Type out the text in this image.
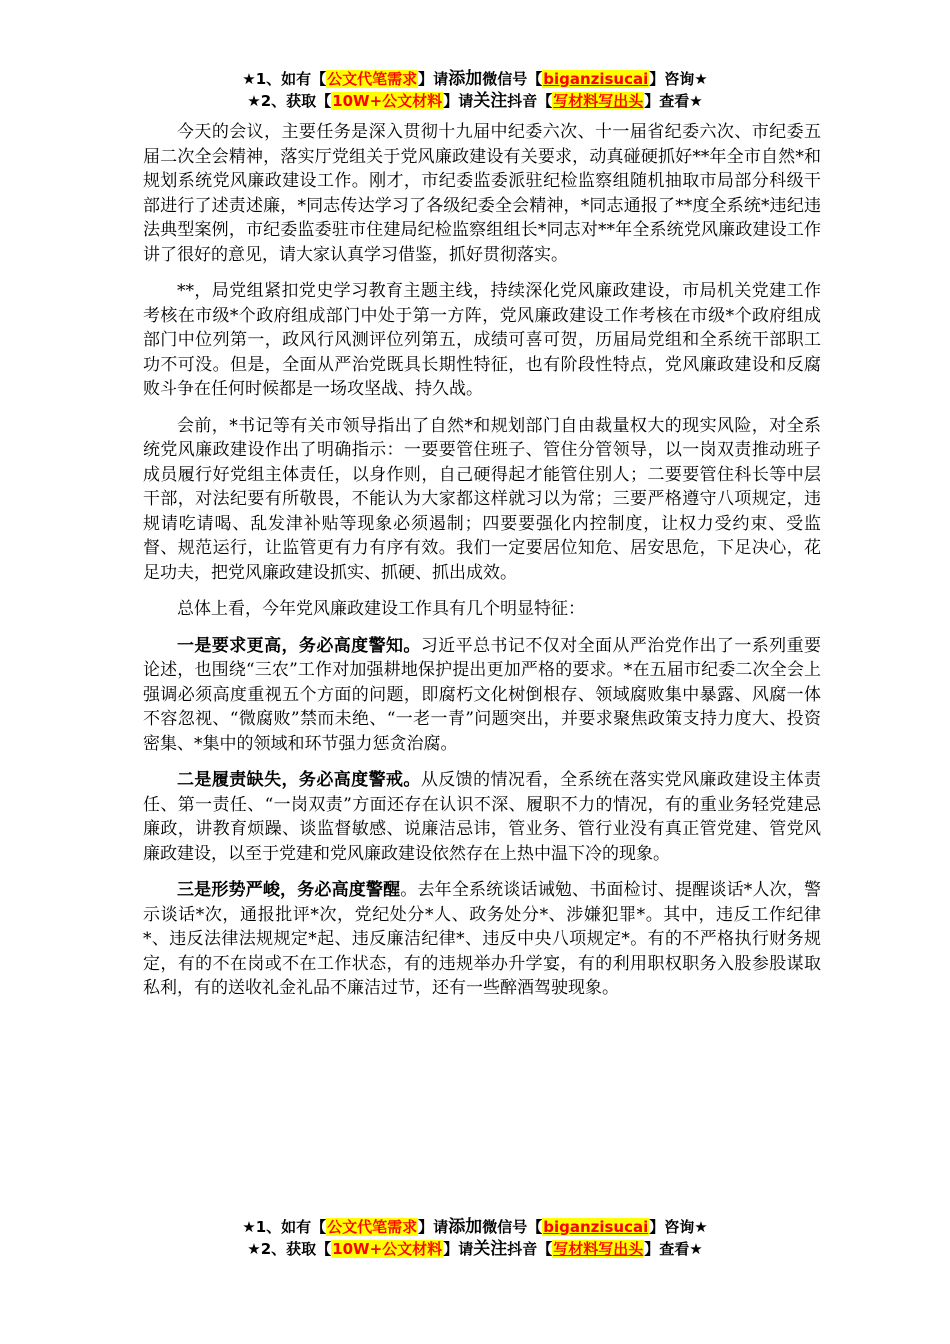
★1、如有【公文代笔需求】请添加微信号【biganzisucai】咨询★
★2、获取【10W+公文材料】请关注抖音【写材料写出头】查看★

今天的会议，主要任务是深入贯彻十九届中纪委六次、十一届省纪委六次、市纪委五届二次全会精神，落实厅党组关于党风廉政建设有关要求，动真碰硬抓好**年全市自然*和规划系统党风廉政建设工作。刚才，市纪委监委派驻纪检监察组随机抽取市局部分科级干部进行了述责述廉，*同志传达学习了各级纪委全会精神，*同志通报了**度全系统*违纪违法典型案例，市纪委监委驻市住建局纪检监察组组长*同志对**年全系统党风廉政建设工作讲了很好的意见，请大家认真学习借鉴，抓好贯彻落实。

**，局党组紧扣党史学习教育主题主线，持续深化党风廉政建设，市局机关党建工作考核在市级*个政府组成部门中处于第一方阵，党风廉政建设工作考核在市级*个政府组成部门中位列第一，政风行风测评位列第五，成绩可喜可贺，历届局党组和全系统干部职工功不可没。但是，全面从严治党既具长期性特征，也有阶段性特点，党风廉政建设和反腐败斗争在任何时候都是一场攻坚战、持久战。

会前，*书记等有关市领导指出了自然*和规划部门自由裁量权大的现实风险，对全系统党风廉政建设作出了明确指示：一要要管住班子、管住分管领导，以一岗双责推动班子成员履行好党组主体责任，以身作则，自己硬得起才能管住别人；二要要管住科长等中层干部，对法纪要有所敬畏，不能认为大家都这样就习以为常；三要严格遵守八项规定，违规请吃请喝、乱发津补贴等现象必须遏制；四要要强化内控制度，让权力受约束、受监督、规范运行，让监管更有力有序有效。我们一定要居位知危、居安思危，下足决心，花足功夫，把党风廉政建设抓实、抓硬、抓出成效。

总体上看，今年党风廉政建设工作具有几个明显特征：

一是要求更高，务必高度警知。习近平总书记不仅对全面从严治党作出了一系列重要论述，也围绕“三农”工作对加强耕地保护提出更加严格的要求。*在五届市纪委二次全会上强调必须高度重视五个方面的问题，即腐朽文化树倒根存、领域腐败集中暴露、风腐一体不容忽视、“微腐败”禁而未绝、“一老一青”问题突出，并要求聚焦政策支持力度大、投资密集、*集中的领域和环节强力惩贪治腐。

二是履责缺失，务必高度警戒。从反馈的情况看，全系统在落实党风廉政建设主体责任、第一责任、“一岗双责”方面还存在认识不深、履职不力的情况，有的重业务轻党建忌廉政，讲教育烦躁、谈监督敏感、说廉洁忌讳，管业务、管行业没有真正管党建、管党风廉政建设，以至于党建和党风廉政建设依然存在上热中温下冷的现象。

三是形势严峻，务必高度警醒。去年全系统谈话诫勉、书面检讨、提醒谈话*人次，警示谈话*次，通报批评*次，党纪处分*人、政务处分*、涉嫌犯罪*。其中，违反工作纪律*、违反法律法规规定*起、违反廉洁纪律*、违反中央八项规定*。有的不严格执行财务规定，有的不在岗或不在工作状态，有的违规举办升学宴，有的利用职权职务入股参股谋取私利，有的送收礼金礼品不廉洁过节，还有一些醉酒驾驶现象。

★1、如有【公文代笔需求】请添加微信号【biganzisucai】咨询★
★2、获取【10W+公文材料】请关注抖音【写材料写出头】查看★
